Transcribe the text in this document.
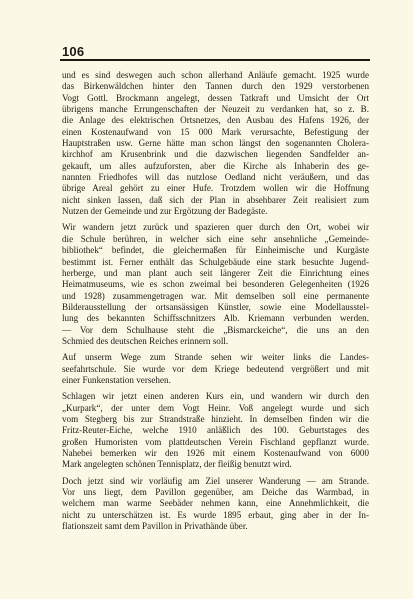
106
und es sind deswegen auch schon allerhand Anläufe gemacht. 1925 wurde
das Birkenwäldchen hinter den Tannen durch den 1929 verstorbenen
Vogt Gottl. Brockmann angelegt, dessen Tatkraft und Umsicht der Ort
übrigens manche Errungenschaften der Neuzeit zu verdanken hat, so z. B.
die Anlage des elektrischen Ortsnetzes, den Ausbau des Hafens 1926, der
einen Kostenaufwand von 15 000 Mark verursachte, Befestigung der
Hauptstraßen usw. Gerne hätte man schon längst den sogenannten Cholera-
kirchhof am Krusenbrink und die dazwischen liegenden Sandfelder an-
gekauft, um alles aufzuforsten, aber die Kirche als Inhaberin des ge-
nannten Friedhofes will das nutzlose Oedland nicht veräußern, und das
übrige Areal gehört zu einer Hufe. Trotzdem wollen wir die Hoffnung
nicht sinken lassen, daß sich der Plan in absehbarer Zeit realisiert zum
Nutzen der Gemeinde und zur Ergötzung der Badegäste.
Wir wandern jetzt zurück und spazieren quer durch den Ort, wobei wir
die Schule berühren, in welcher sich eine sehr ansehnliche „Gemeinde-
bibliothek“ befindet, die gleichermaßen für Einheimische und Kurgäste
bestimmt ist. Ferner enthält das Schulgebäude eine stark besuchte Jugend-
herberge, und man plant auch seit längerer Zeit die Einrichtung eines
Heimatmuseums, wie es schon zweimal bei besonderen Gelegenheiten (1926
und 1928) zusammengetragen war. Mit demselben soll eine permanente
Bilderausstellung der ortsansässigen Künstler, sowie eine Modellausstel-
lung des bekannten Schiffsschnitzers Alb. Kriemann verbunden werden.
— Vor dem Schulhause steht die „Bismarckeiche“, die uns an den
Schmied des deutschen Reiches erinnern soll.
Auf unserm Wege zum Strande sehen wir weiter links die Landes-
seefahrtschule. Sie wurde vor dem Kriege bedeutend vergrößert und mit
einer Funkenstation versehen.
Schlagen wir jetzt einen anderen Kurs ein, und wandern wir durch den
„Kurpark“, der unter dem Vogt Heinr. Voß angelegt wurde und sich
vom Stegberg bis zur Strandstraße hinzieht. In demselben finden wir die
Fritz-Reuter-Eiche, welche 1910 anläßlich des 100. Geburtstages des
großen Humoristen vom plattdeutschen Verein Fischland gepflanzt wurde.
Nahebei bemerken wir den 1926 mit einem Kostenaufwand von 6000
Mark angelegten schönen Tennisplatz, der fleißig benutzt wird.
Doch jetzt sind wir vorläufig am Ziel unserer Wanderung — am Strande.
Vor uns liegt, dem Pavillon gegenüber, am Deiche das Warmbad, in
welchem man warme Seebäder nehmen kann, eine Annehmlichkeit, die
nicht zu unterschätzen ist. Es wurde 1895 erbaut, ging aber in der In-
flationszeit samt dem Pavillon in Privathände über.
